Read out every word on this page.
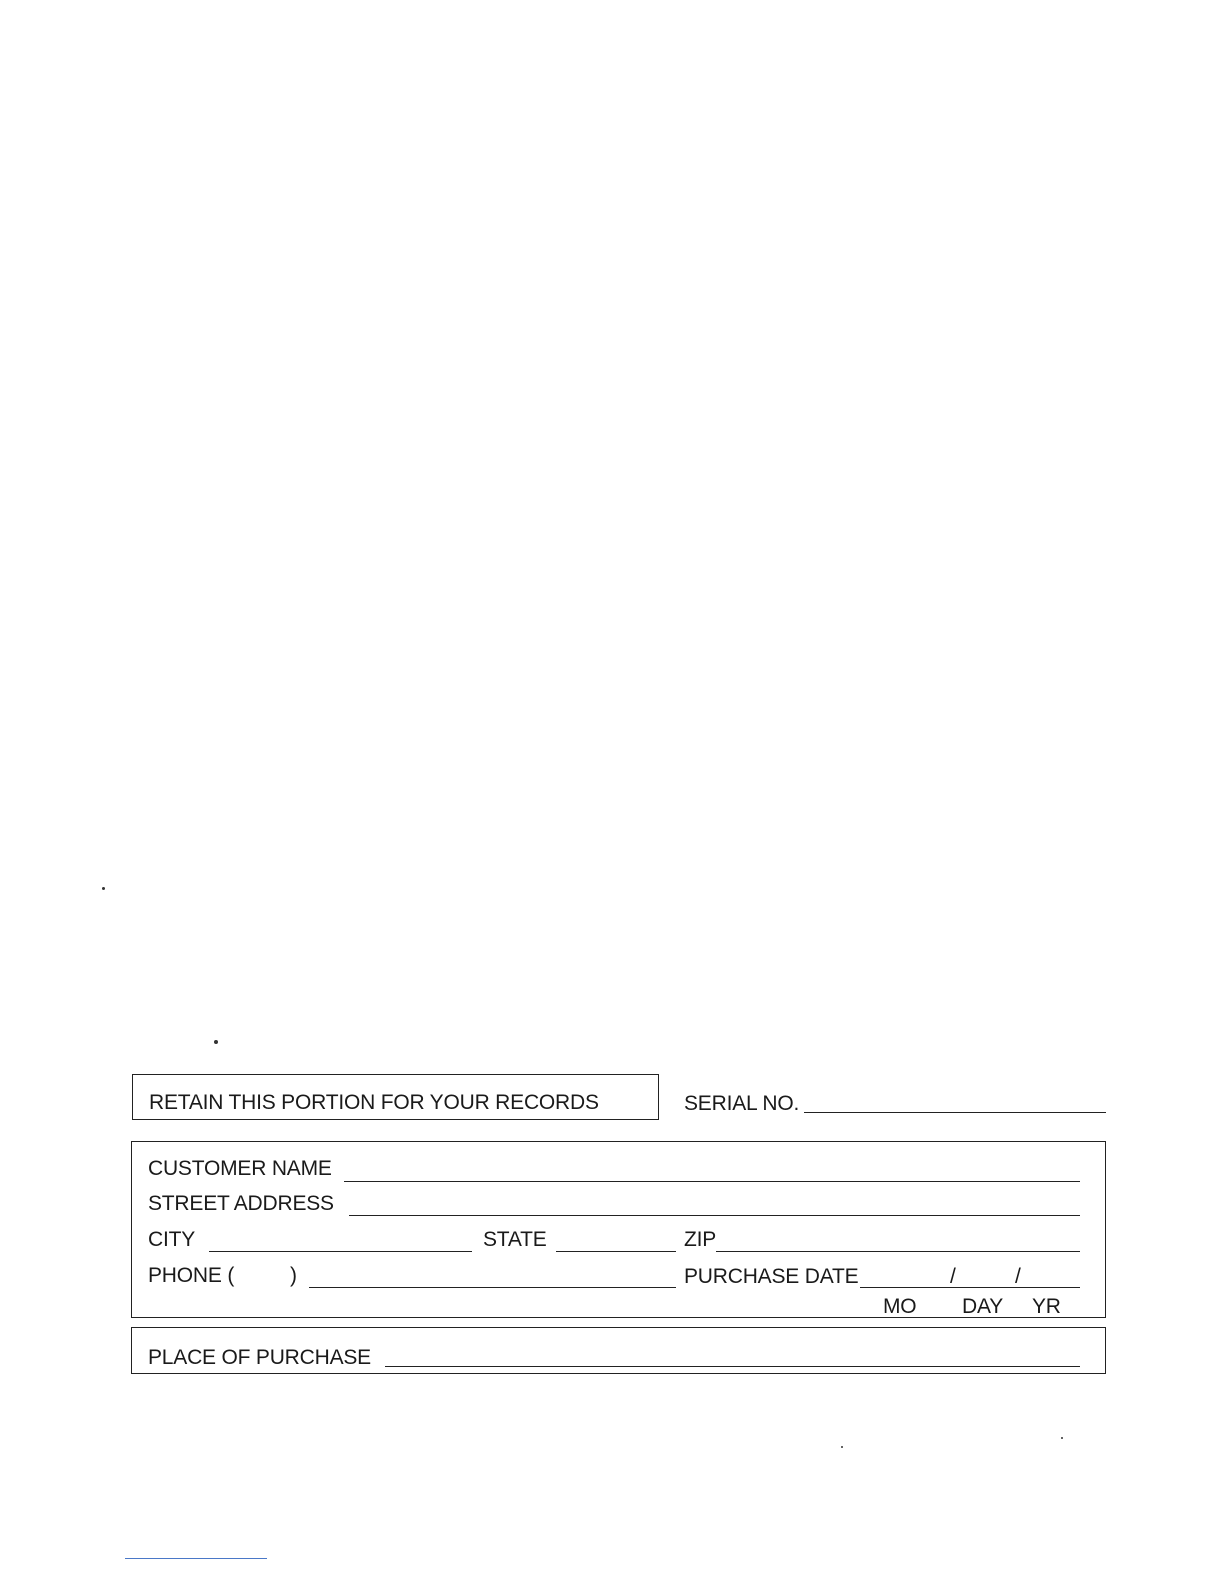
RETAIN THIS PORTION FOR YOUR RECORDS	SERIAL NO.
CUSTOMER NAME
STREET ADDRESS
CITY	STATE	ZIP
PHONE (	)	PURCHASE DATE	/	/
MO DAY YR
PLACE OF PURCHASE
